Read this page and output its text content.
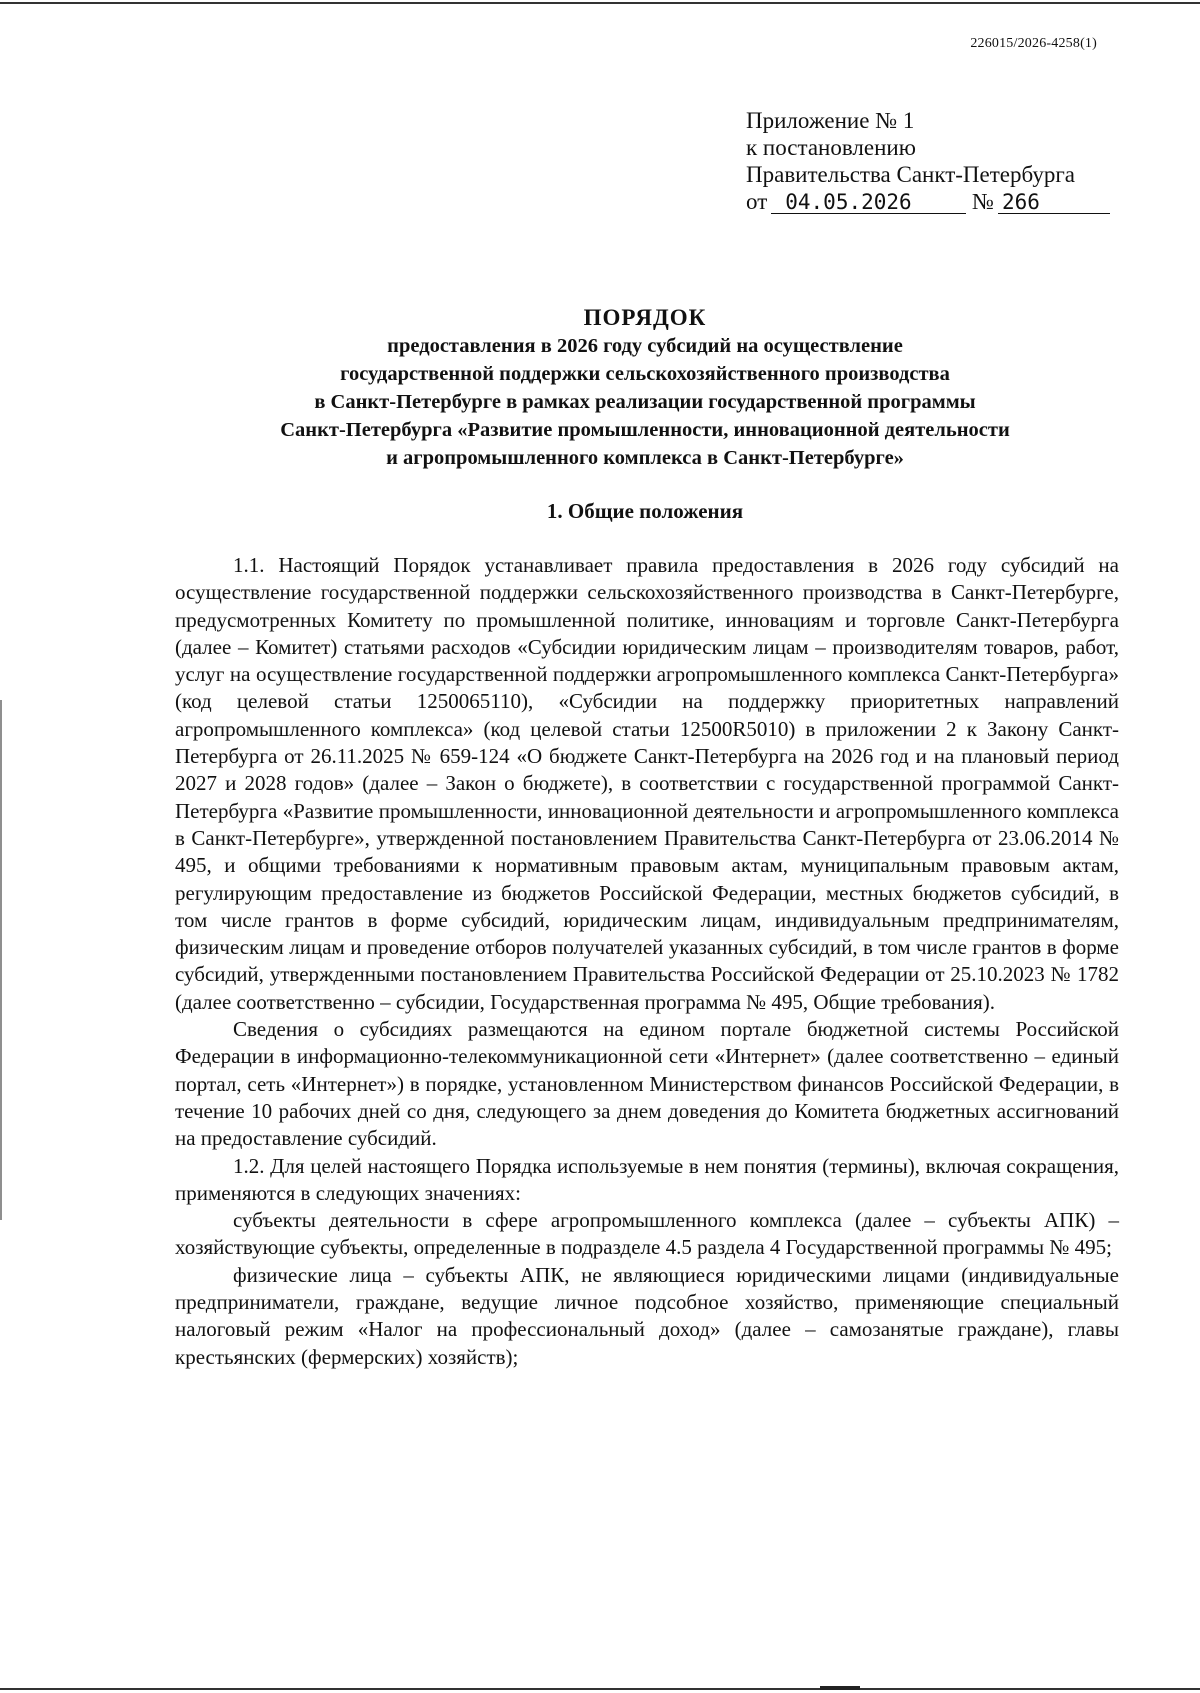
226015/2026-4258(1)
Приложение № 1
к постановлению
Правительства Санкт-Петербурга
от 04.05.2026	№ 266
ПОРЯДОК
предоставления в 2026 году субсидий на осуществление
государственной поддержки сельскохозяйственного производства
в Санкт-Петербурге в рамках реализации государственной программы
Санкт-Петербурга «Развитие промышленности, инновационной деятельности
и агропромышленного комплекса в Санкт-Петербурге»
1. Общие положения

1.1. Настоящий Порядок устанавливает правила предоставления в 2026 году субсидий на осуществление государственной поддержки сельскохозяйственного производства в Санкт-Петербурге, предусмотренных Комитету по промышленной политике, инновациям и торговле Санкт-Петербурга (далее – Комитет) статьями расходов «Субсидии юридическим лицам – производителям товаров, работ, услуг на осуществление государственной поддержки агропромышленного комплекса Санкт-Петербурга» (код целевой статьи 1250065110), «Субсидии на поддержку приоритетных направлений агропромышленного комплекса» (код целевой статьи 12500R5010) в приложении 2 к Закону Санкт-Петербурга от 26.11.2025 № 659-124 «О бюджете Санкт-Петербурга на 2026 год и на плановый период 2027 и 2028 годов» (далее – Закон о бюджете), в соответствии с государственной программой Санкт-Петербурга «Развитие промышленности, инновационной деятельности и агропромышленного комплекса в Санкт-Петербурге», утвержденной постановлением Правительства Санкт-Петербурга от 23.06.2014 № 495, и общими требованиями к нормативным правовым актам, муниципальным правовым актам, регулирующим предоставление из бюджетов Российской Федерации, местных бюджетов субсидий, в том числе грантов в форме субсидий, юридическим лицам, индивидуальным предпринимателям, физическим лицам и проведение отборов получателей указанных субсидий, в том числе грантов в форме субсидий, утвержденными постановлением Правительства Российской Федерации от 25.10.2023 № 1782 (далее соответственно – субсидии, Государственная программа № 495, Общие требования).

Сведения о субсидиях размещаются на едином портале бюджетной системы Российской Федерации в информационно-телекоммуникационной сети «Интернет» (далее соответственно – единый портал, сеть «Интернет») в порядке, установленном Министерством финансов Российской Федерации, в течение 10 рабочих дней со дня, следующего за днем доведения до Комитета бюджетных ассигнований на предоставление субсидий.

1.2. Для целей настоящего Порядка используемые в нем понятия (термины), включая сокращения, применяются в следующих значениях:

субъекты деятельности в сфере агропромышленного комплекса (далее – субъекты АПК) – хозяйствующие субъекты, определенные в подразделе 4.5 раздела 4 Государственной программы № 495;

физические лица – субъекты АПК, не являющиеся юридическими лицами (индивидуальные предприниматели, граждане, ведущие личное подсобное хозяйство, применяющие специальный налоговый режим «Налог на профессиональный доход» (далее – самозанятые граждане), главы крестьянских (фермерских) хозяйств);
